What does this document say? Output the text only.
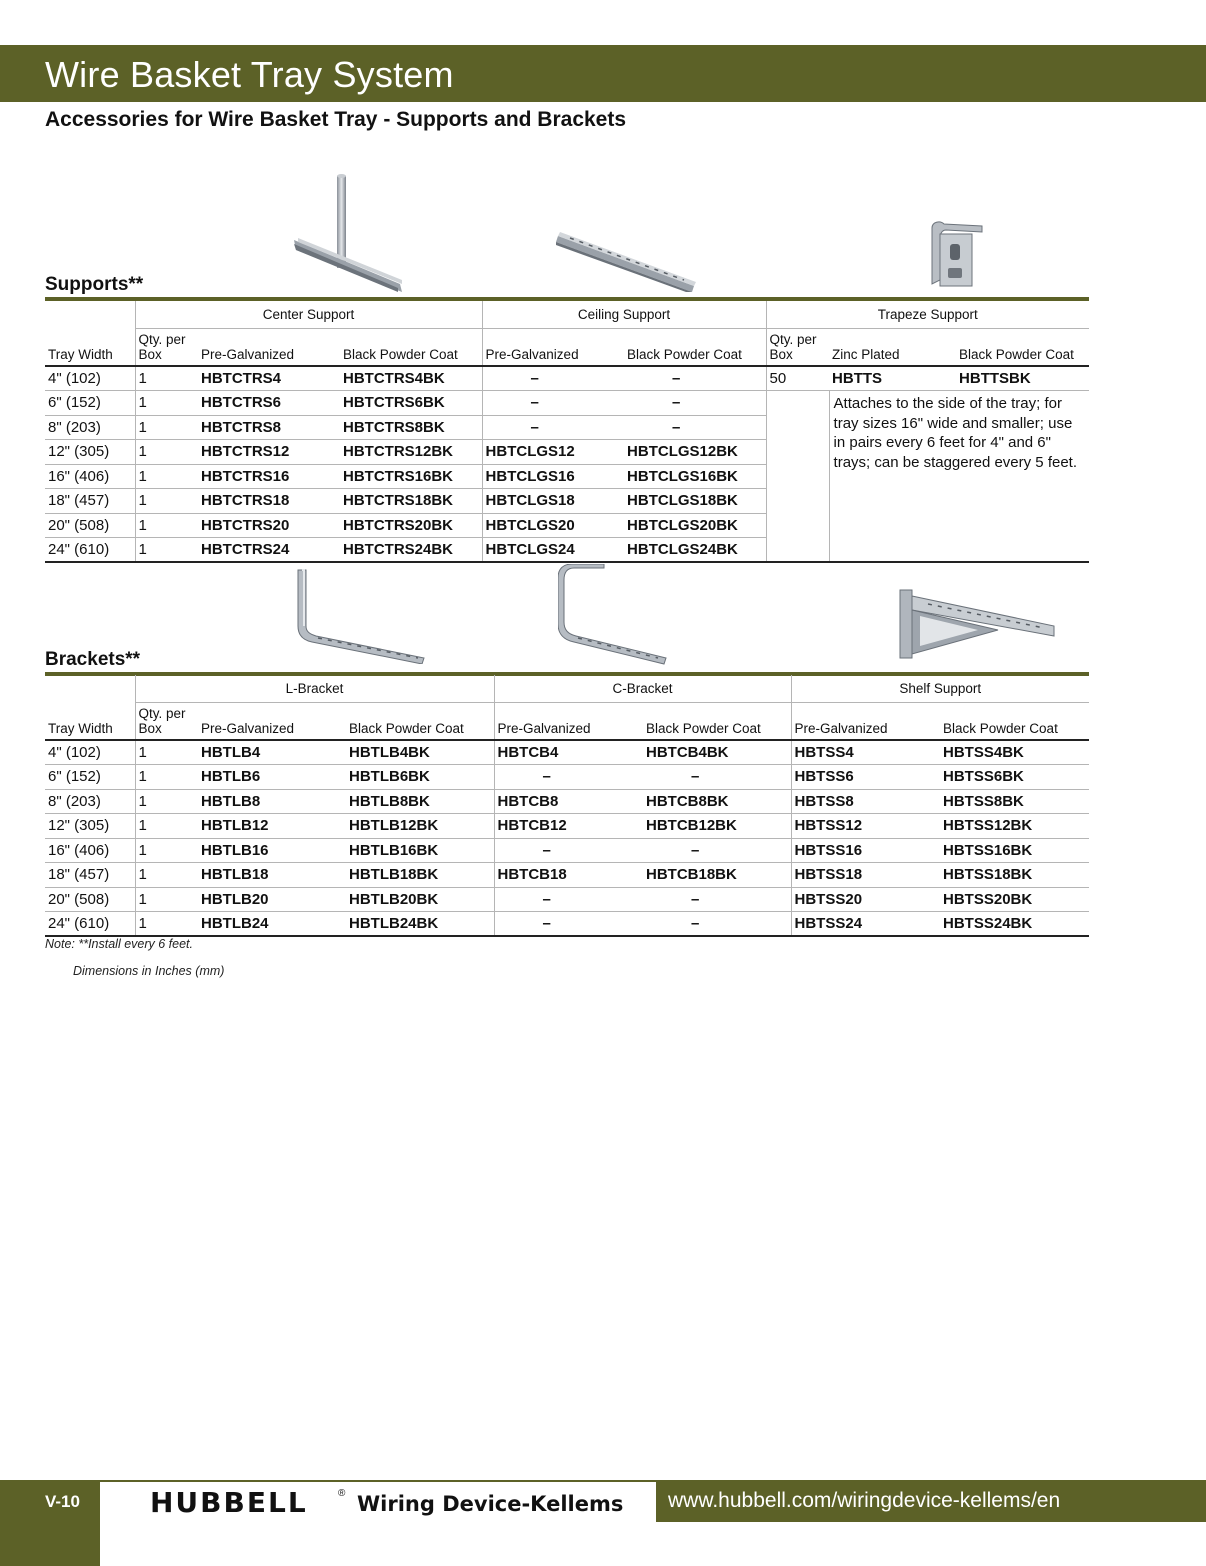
Wire Basket Tray System
Accessories for Wire Basket Tray - Supports and Brackets
Supports**
	Center Support			Ceiling Support		Trapeze Support		
Tray Width	Qty. per Box	Pre-Galvanized	Black Powder Coat	Pre-Galvanized	Black Powder Coat	Qty. per Box	Zinc Plated	Black Powder Coat
4" (102)	1	HBTCTRS4	HBTCTRS4BK	–	–	50	HBTTS	HBTTSBK
6" (152)	1	HBTCTRS6	HBTCTRS6BK	–	–		Attaches to the side of the tray; for tray sizes 16" wide and smaller; use in pairs every 6 feet for 4" and 6" trays; can be staggered every 5 feet.	
8" (203)	1	HBTCTRS8	HBTCTRS8BK	–	–			
12" (305)	1	HBTCTRS12	HBTCTRS12BK	HBTCLGS12	HBTCLGS12BK			
16" (406)	1	HBTCTRS16	HBTCTRS16BK	HBTCLGS16	HBTCLGS16BK			
18" (457)	1	HBTCTRS18	HBTCTRS18BK	HBTCLGS18	HBTCLGS18BK			
20" (508)	1	HBTCTRS20	HBTCTRS20BK	HBTCLGS20	HBTCLGS20BK			
24" (610)	1	HBTCTRS24	HBTCTRS24BK	HBTCLGS24	HBTCLGS24BK			
Brackets**
	L-Bracket			C-Bracket		Shelf Support	
Tray Width	Qty. per Box	Pre-Galvanized	Black Powder Coat	Pre-Galvanized	Black Powder Coat	Pre-Galvanized	Black Powder Coat
4" (102)	1	HBTLB4	HBTLB4BK	HBTCB4	HBTCB4BK	HBTSS4	HBTSS4BK
6" (152)	1	HBTLB6	HBTLB6BK	–	–	HBTSS6	HBTSS6BK
8" (203)	1	HBTLB8	HBTLB8BK	HBTCB8	HBTCB8BK	HBTSS8	HBTSS8BK
12" (305)	1	HBTLB12	HBTLB12BK	HBTCB12	HBTCB12BK	HBTSS12	HBTSS12BK
16" (406)	1	HBTLB16	HBTLB16BK	–	–	HBTSS16	HBTSS16BK
18" (457)	1	HBTLB18	HBTLB18BK	HBTCB18	HBTCB18BK	HBTSS18	HBTSS18BK
20" (508)	1	HBTLB20	HBTLB20BK	–	–	HBTSS20	HBTSS20BK
24" (610)	1	HBTLB24	HBTLB24BK	–	–	HBTSS24	HBTSS24BK
Note: **Install every 6 feet.
Dimensions in Inches (mm)
V-10	HUBBELL	® Wiring Device-Kellems www.hubbell.com/wiringdevice-kellems/en
